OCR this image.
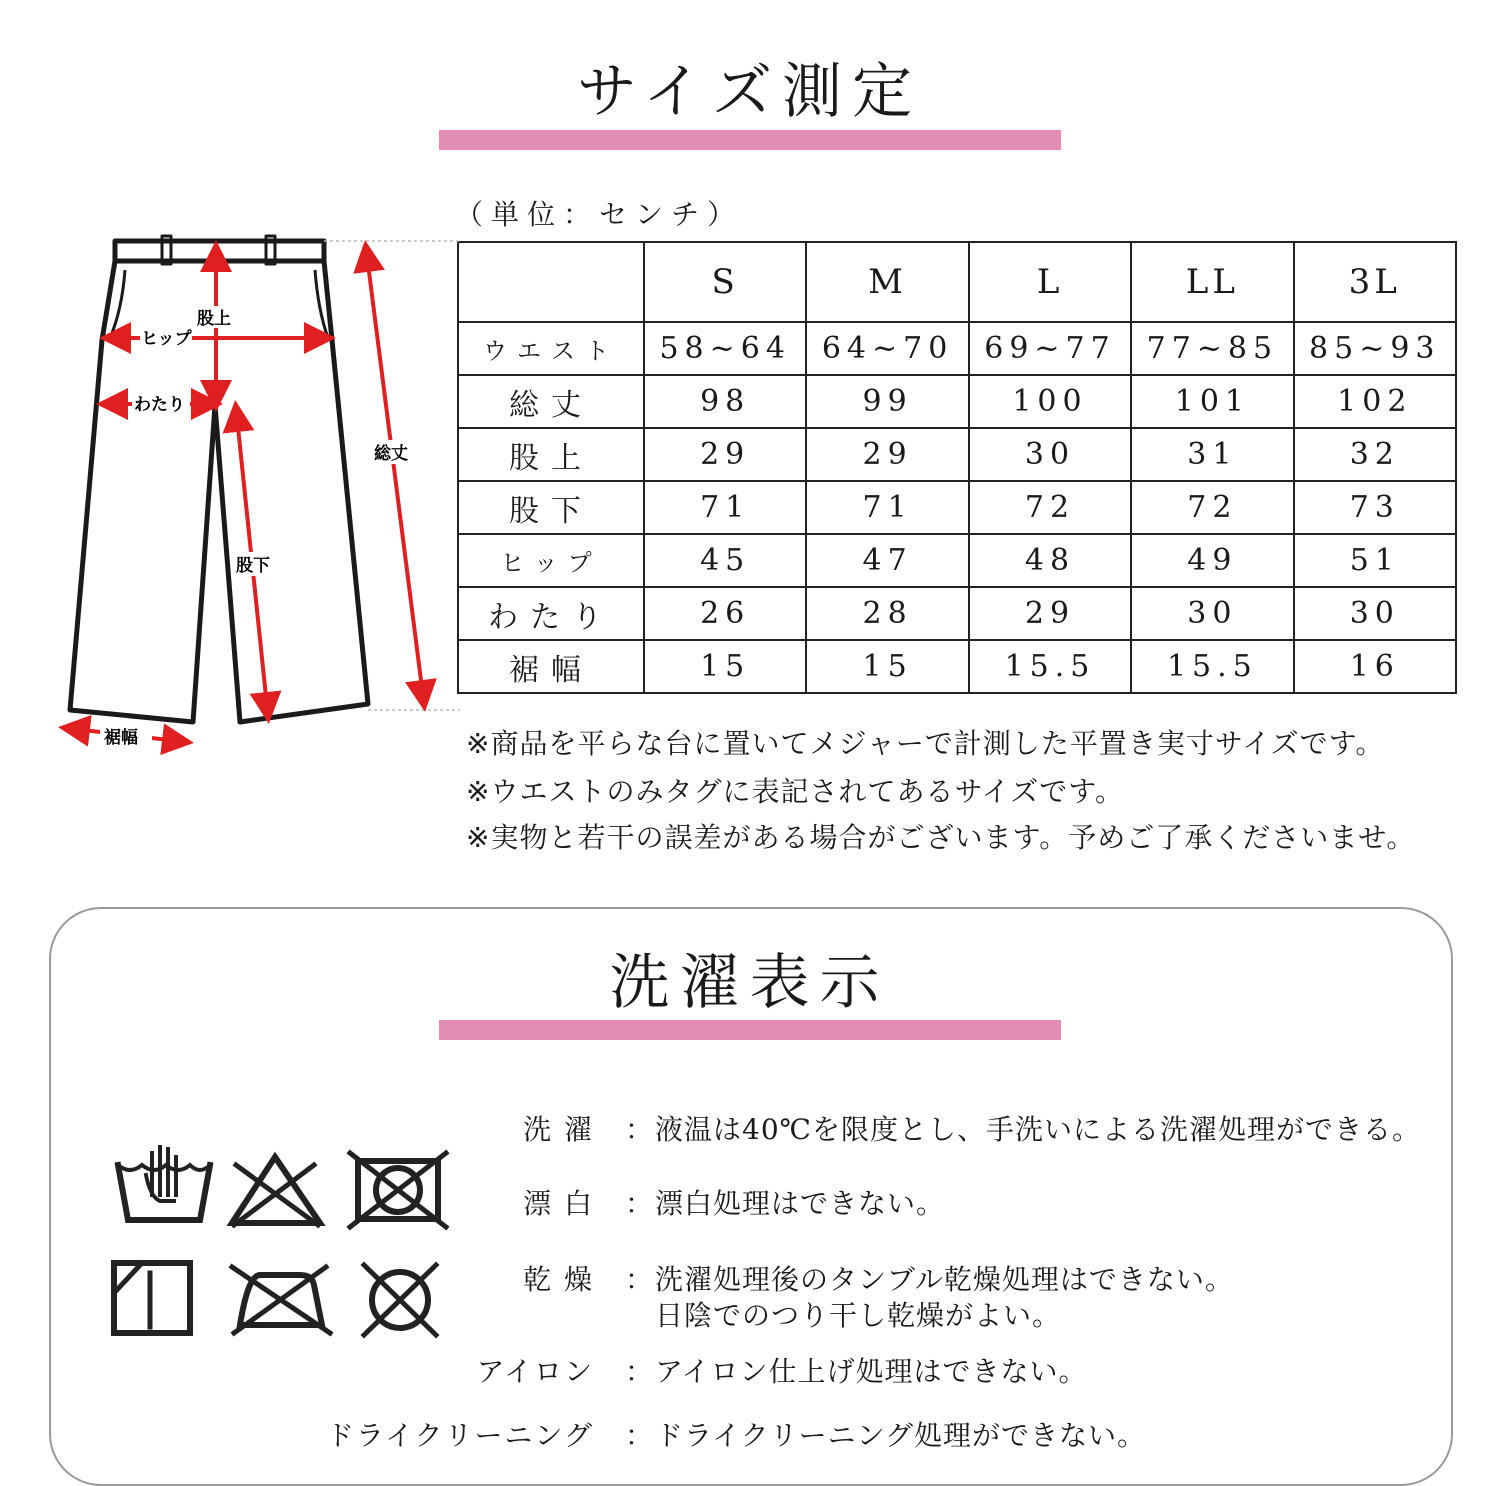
サイズ測定
（単位：センチ）
	S	M	L	LL	3L
ウエスト	58~64	64~70	69~77	77~85	85~93
総丈	98	99	100	101	102
股上	29	29	30	31	32
股下	71	71	72	72	73
ヒップ	45	47	48	49	51
わたり	26	28	29	30	30
裾幅	15	15	15.5	15.5	16
※商品を平らな台に置いてメジャーで計測した平置き実寸サイズです。
※ウエストのみタグに表記されてあるサイズです。
※実物と若干の誤差がある場合がございます。予めご了承くださいませ。
股上
ヒップ
わたり
総丈
股下
裾幅
洗濯表示
洗 濯 ： 液温は40℃を限度とし、手洗いによる洗濯処理ができる。
漂 白 ： 漂白処理はできない。
乾 燥 ： 洗濯処理後のタンブル乾燥処理はできない。
日陰でのつり干し乾燥がよい。
アイロン ： アイロン仕上げ処理はできない。
ドライクリーニング ： ドライクリーニング処理ができない。
